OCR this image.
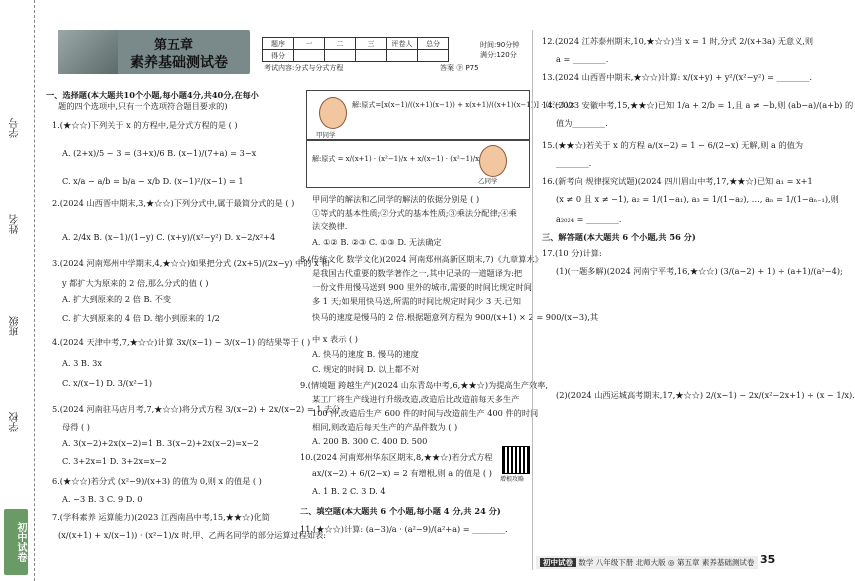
学号
姓名
班级
学校
初中试卷
第五章
素养基础测试卷
题序	一	二	三	评卷人	总分
得分					
时间:90分钟
满分:120分
考试内容:分式与分式方程	答案 ⓟ P75
一、选择题(本大题共10个小题,每小题4分,共40分,在每小
题的四个选项中,只有一个选项符合题目要求的)
1.(★☆☆)下列关于 x 的方程中,是分式方程的是 ( )
A. (2+x)/5 − 3 = (3+x)/6 B. (x−1)/(7+a) = 3−x
C. x/a − a/b = b/a − x/b D. (x−1)²/(x−1) = 1
2.(2024 山西晋中期末,3,★☆☆)下列分式中,属于最简分式的是 ( )
A. 2/4x B. (x−1)/(1−y) C. (x+y)/(x²−y²) D. x−2/x²+4
3.(2024 河南郑州中学期末,4,★☆☆)如果把分式 (2x+5)/(2x−y) 中的 x 和
y 都扩大为原来的 2 倍,那么分式的值 ( )
A. 扩大到原来的 2 倍 B. 不变
C. 扩大到原来的 4 倍 D. 缩小到原来的 1/2
4.(2024 天津中考,7,★☆☆)计算 3x/(x−1) − 3/(x−1) 的结果等于 ( )
A. 3 B. 3x
C. x/(x−1) D. 3/(x²−1)
5.(2024 河南驻马店月考,7,★☆☆)将分式方程 3/(x−2) + 2x/(x−2) = 1 去分
母得 ( )
A. 3(x−2)+2x(x−2)=1 B. 3(x−2)+2x(x−2)=x−2
C. 3+2x=1 D. 3+2x=x−2
6.(★☆☆)若分式 (x²−9)/(x+3) 的值为 0,则 x 的值是 ( )
A. −3 B. 3 C. 9 D. 0
7.(学科素养 运算能力)(2023 江西南昌中考,15,★★☆)化简
(x/(x+1) + x/(x−1)) · (x²−1)/x 时,甲、乙两名同学的部分运算过程如表:
解:原式=[x(x−1)/((x+1)(x−1)) + x(x+1)/((x+1)(x−1))] · (x²−1)/x
甲同学
解:原式 = x/(x+1) · (x²−1)/x + x/(x−1) · (x²−1)/x
乙同学
甲同学的解法和乙同学的解法的依据分别是 ( )
①等式的基本性质;②分式的基本性质;③乘法分配律;④乘
法交换律.
A. ①② B. ②③ C. ①③ D. 无法确定
8.(传统文化 数学文化)(2024 河南郑州高新区期末,7)《九章算术》
是我国古代重要的数学著作之一,其中记录的一道题译为:把
一份文件用慢马送到 900 里外的城市,需要的时间比规定时间
多 1 天;如果用快马送,所需的时间比规定时间少 3 天.已知
快马的速度是慢马的 2 倍.根据题意列方程为 900/(x+1) × 2 = 900/(x−3),其
中 x 表示 ( )
A. 快马的速度 B. 慢马的速度
C. 规定的时间 D. 以上都不对
9.(情境题 跨越生产)(2024 山东青岛中考,6,★★☆)为提高生产效率,
某工厂将生产线进行升级改造,改造后比改造前每天多生产
100 件,改造后生产 600 件的时间与改造前生产 400 件的时间
相同,则改造后每天生产的产品件数为 ( )
A. 200 B. 300 C. 400 D. 500
10.(2024 河南郑州华东区期末,8,★★☆)若分式方程
ax/(x−2) + 6/(2−x) = 2 有增根,则 a 的值是 ( )
A. 1 B. 2 C. 3 D. 4
二、填空题(本大题共 6 个小题,每小题 4 分,共 24 分)
11.(★☆☆)计算: (a−3)/a · (a²−9)/(a²+a) = ________.
增根攻略
12.(2024 江苏泰州期末,10,★☆☆)当 x = 1 时,分式 2/(x+3a) 无意义,则
a = ________.
13.(2024 山西晋中期末,★☆☆)计算: x/(x+y) + y²/(x²−y²) = ________.
14.(2023 安徽中考,15,★★☆)已知 1/a + 2/b = 1,且 a ≠ −b,则 (ab−a)/(a+b) 的
值为________.
15.(★★☆)若关于 x 的方程 a/(x−2) = 1 − 6/(2−x) 无解,则 a 的值为
________.
16.(新考向 规律探究试题)(2024 四川眉山中考,17,★★☆)已知 a₁ = x+1
(x ≠ 0 且 x ≠ −1), a₂ = 1/(1−a₁), a₃ = 1/(1−a₂), …, aₙ = 1/(1−aₙ₋₁),则
a₂₀₂₄ = ________.
三、解答题(本大题共 6 个小题,共 56 分)
17.(10 分)计算:
(1)(一题多解)(2024 河南宁平考,16,★☆☆) (3/(a−2) + 1) ÷ (a+1)/(a²−4);
(2)(2024 山西运城高考期末,17,★☆☆) 2/(x−1) − 2x/(x²−2x+1) ÷ (x − 1/x).
初中试卷 数学 八年级下册 北师大版 ◎ 第五章 素养基础测试卷 35
